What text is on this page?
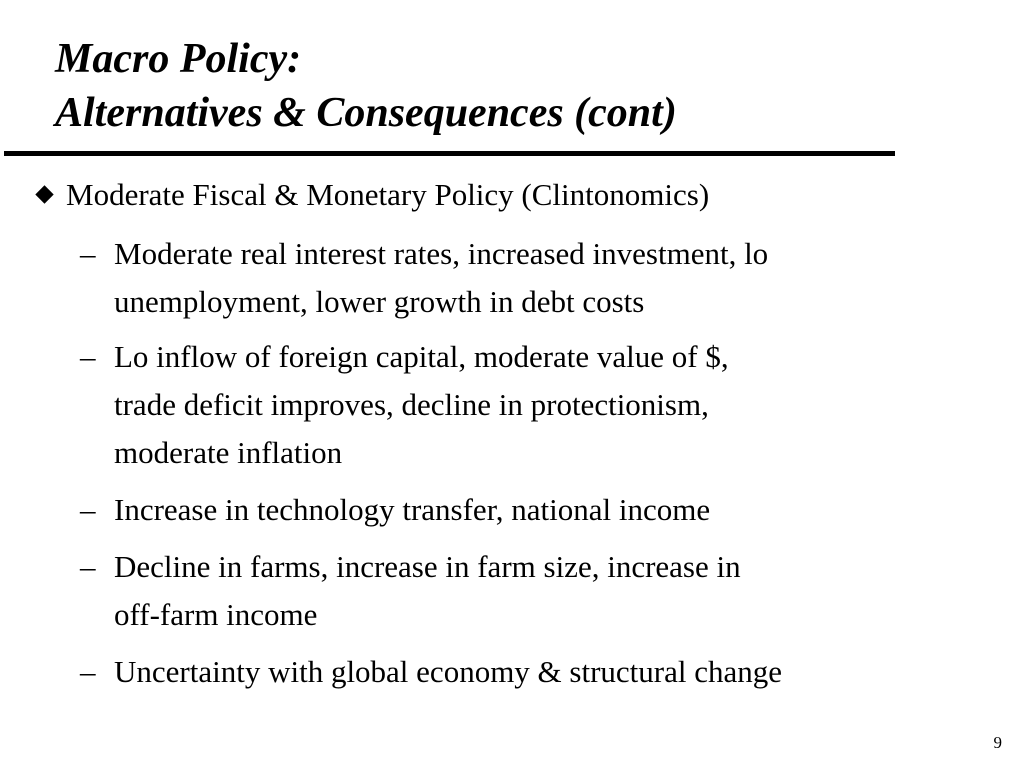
Macro Policy:
Alternatives & Consequences (cont)
Moderate Fiscal & Monetary Policy (Clintonomics)
– Moderate real interest rates, increased investment, lo
unemployment, lower growth in debt costs
– Lo inflow of foreign capital, moderate value of $,
trade deficit improves, decline in protectionism,
moderate inflation
– Increase in technology transfer, national income
– Decline in farms, increase in farm size, increase in
off-farm income
– Uncertainty with global economy & structural change
9
